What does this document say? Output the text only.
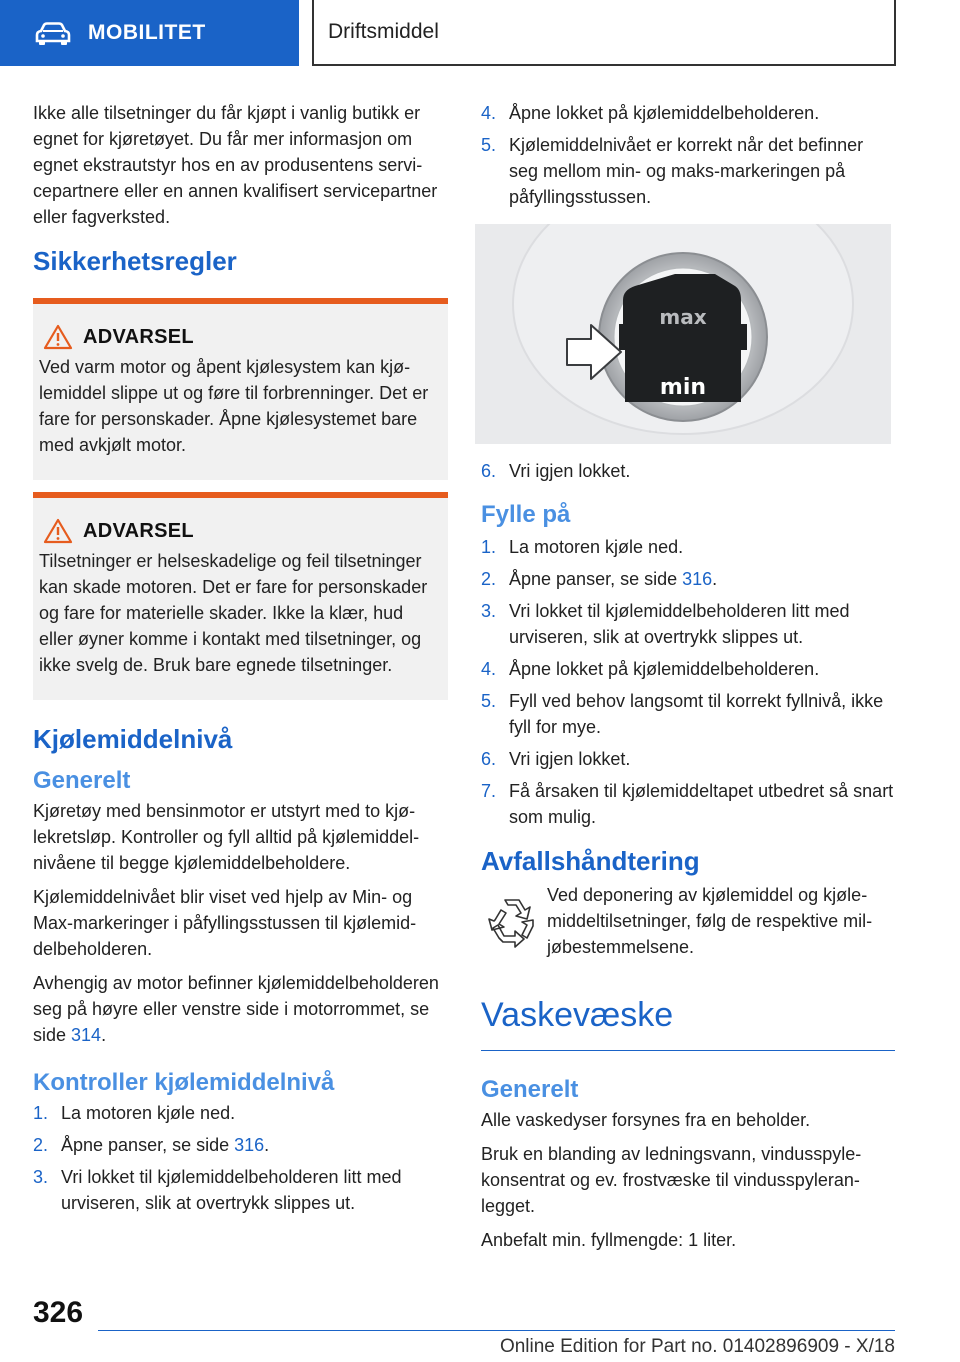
MOBILITET	Driftsmiddel

Ikke alle tilsetninger du får kjøpt i vanlig butikk er egnet for kjøretøyet. Du får mer informasjon om egnet ekstrautstyr hos en av produsentens servicepartnere eller en annen kvalifisert servicepartner eller fagverksted.

Sikkerhetsregler
ADVARSEL

Ved varm motor og åpent kjølesystem kan kjølemiddel slippe ut og føre til forbrenninger. Det er fare for personskader. Åpne kjølesystemet bare med avkjølt motor.

ADVARSEL

Tilsetninger er helseskadelige og feil tilsetninger kan skade motoren. Det er fare for personskader og fare for materielle skader. Ikke la klær, hud eller øyner komme i kontakt med tilsetninger, og ikke svelg de. Bruk bare egnede tilsetninger.

Kjølemiddelnivå
Generelt

Kjøretøy med bensinmotor er utstyrt med to kjølekretsløp. Kontroller og fyll alltid på kjølemiddelnivåene til begge kjølemiddelbeholdere.

Kjølemiddelnivået blir viset ved hjelp av Min- og Max-markeringer i påfyllingsstussen til kjølemiddelbeholderen.

Avhengig av motor befinner kjølemiddelbeholderen seg på høyre eller venstre side i motorrommet, se side 314.

Kontroller kjølemiddelnivå
1. La motoren kjøle ned.
2. Åpne panser, se side 316.
3. Vri lokket til kjølemiddelbeholderen litt med urviseren, slik at overtrykk slippes ut.
4. Åpne lokket på kjølemiddelbeholderen.
5. Kjølemiddelnivået er korrekt når det befinner seg mellom min- og maks-markeringen på påfyllingsstussen.
max
min
6. Vri igjen lokket.
Fylle på
1. La motoren kjøle ned.
2. Åpne panser, se side 316.
3. Vri lokket til kjølemiddelbeholderen litt med urviseren, slik at overtrykk slippes ut.
4. Åpne lokket på kjølemiddelbeholderen.
5. Fyll ved behov langsomt til korrekt fyllnivå, ikke fyll for mye.
6. Vri igjen lokket.
7. Få årsaken til kjølemiddeltapet utbedret så snart som mulig.
Avfallshåndtering

Ved deponering av kjølemiddel og kjølemiddeltilsetninger, følg de respektive miljøbestemmelsene.

Vaskevæske
Generelt

Alle vaskedyser forsynes fra en beholder.

Bruk en blanding av ledningsvann, vindusspylekonsentrat og ev. frostvæske til vindusspyleranlegget.

Anbefalt min. fyllmengde: 1 liter.

326
Online Edition for Part no. 01402896909 - X/18
